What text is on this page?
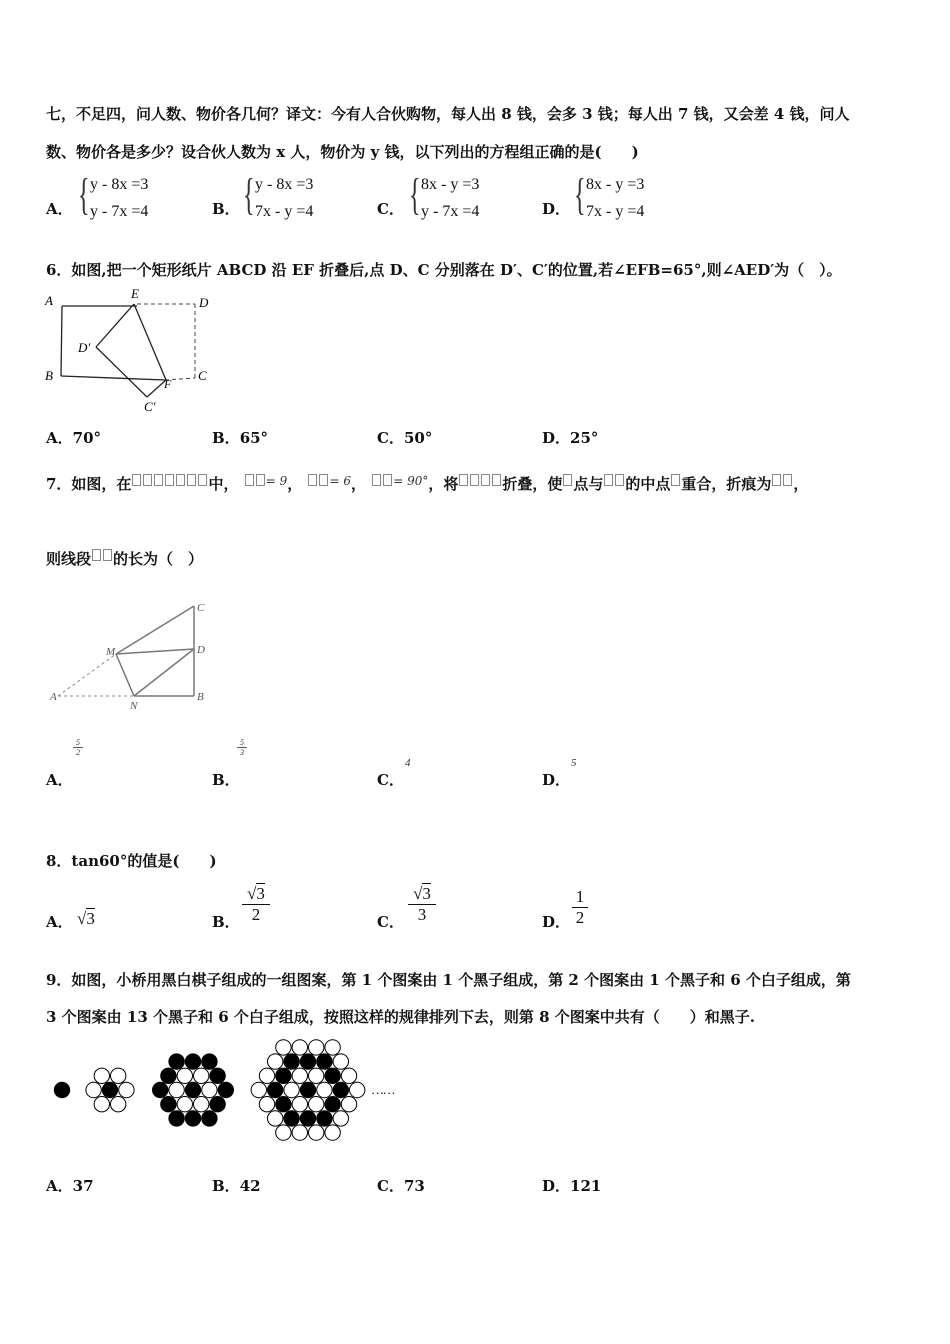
七，不足四，问人数、物价各几何？译文：今有人合伙购物，每人出 8 钱，会多 3 钱；每人出 7 钱，又会差 4 钱，问人
数、物价各是多少？设合伙人数为 x 人，物价为 y 钱，以下列出的方程组正确的是(　　)
A． { y - 8x =3
y - 7x =4	B． { y - 8x =3
7x - y =4	C． { 8x - y =3
y - 7x =4	D． { 8x - y =3
7x - y =4
6．如图,把一个矩形纸片 ABCD 沿 EF 折叠后,点 D、C 分别落在 D′、C′的位置,若∠EFB=65°,则∠AED′为（　）。
A	E
D
D′
B
F
C
C′
A．70°	B．65°	C．50°	D．25°
7．如图，在	中， $^{= 9}$， $^{= 6}$， $^{= 90^\circ}$，将	折叠，使 点与 的中点 重合，折痕为 ，
则线段 的长为（　）
C
M	D
A
N
B
A．
$\frac{5}{2}$
B．
$\frac{5}{3}$
C．
4
D．
5
8．tan60°的值是(　　)
A． √3	B． $\frac{√3}{2}$	C． $\frac{√3}{3}$	D． $\frac{1}{2}$
9．如图，小桥用黑白棋子组成的一组图案，第 1 个图案由 1 个黑子组成，第 2 个图案由 1 个黑子和 6 个白子组成，第
3 个图案由 13 个黑子和 6 个白子组成，按照这样的规律排列下去，则第 8 个图案中共有（　　）和黑子.
……
A．37	B．42	C．73	D．121
